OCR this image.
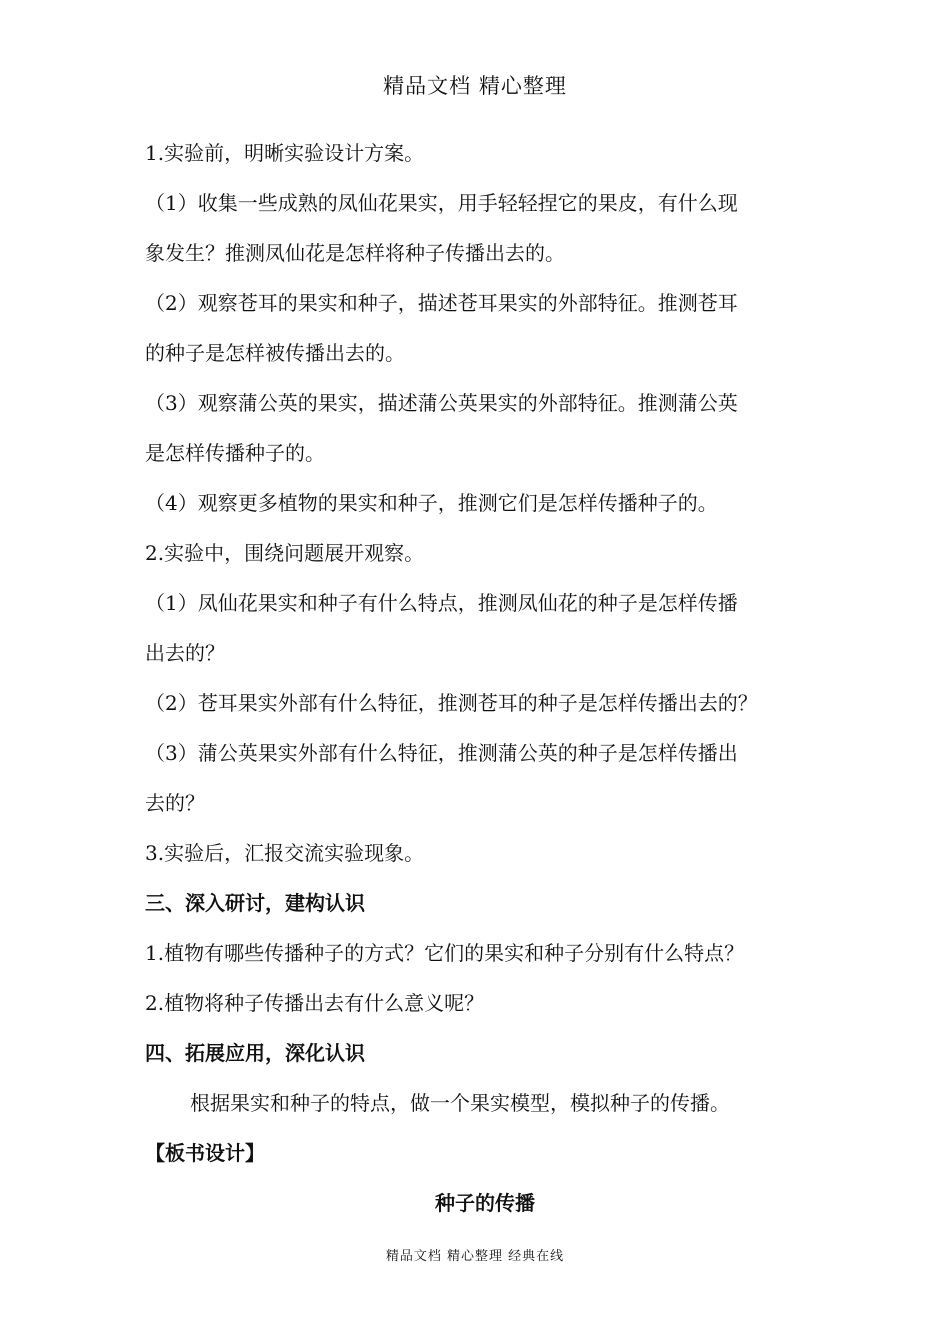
精品文档 精心整理
1.实验前，明晰实验设计方案。
（1）收集一些成熟的凤仙花果实，用手轻轻捏它的果皮，有什么现
象发生？推测凤仙花是怎样将种子传播出去的。
（2）观察苍耳的果实和种子，描述苍耳果实的外部特征。推测苍耳
的种子是怎样被传播出去的。
（3）观察蒲公英的果实，描述蒲公英果实的外部特征。推测蒲公英
是怎样传播种子的。
（4）观察更多植物的果实和种子，推测它们是怎样传播种子的。
2.实验中，围绕问题展开观察。
（1）凤仙花果实和种子有什么特点，推测凤仙花的种子是怎样传播
出去的？
（2）苍耳果实外部有什么特征，推测苍耳的种子是怎样传播出去的？
（3）蒲公英果实外部有什么特征，推测蒲公英的种子是怎样传播出
去的？
3.实验后，汇报交流实验现象。
三、深入研讨，建构认识
1.植物有哪些传播种子的方式？它们的果实和种子分别有什么特点？
2.植物将种子传播出去有什么意义呢？
四、拓展应用，深化认识
根据果实和种子的特点，做一个果实模型，模拟种子的传播。
【板书设计】
种子的传播
精品文档 精心整理 经典在线
